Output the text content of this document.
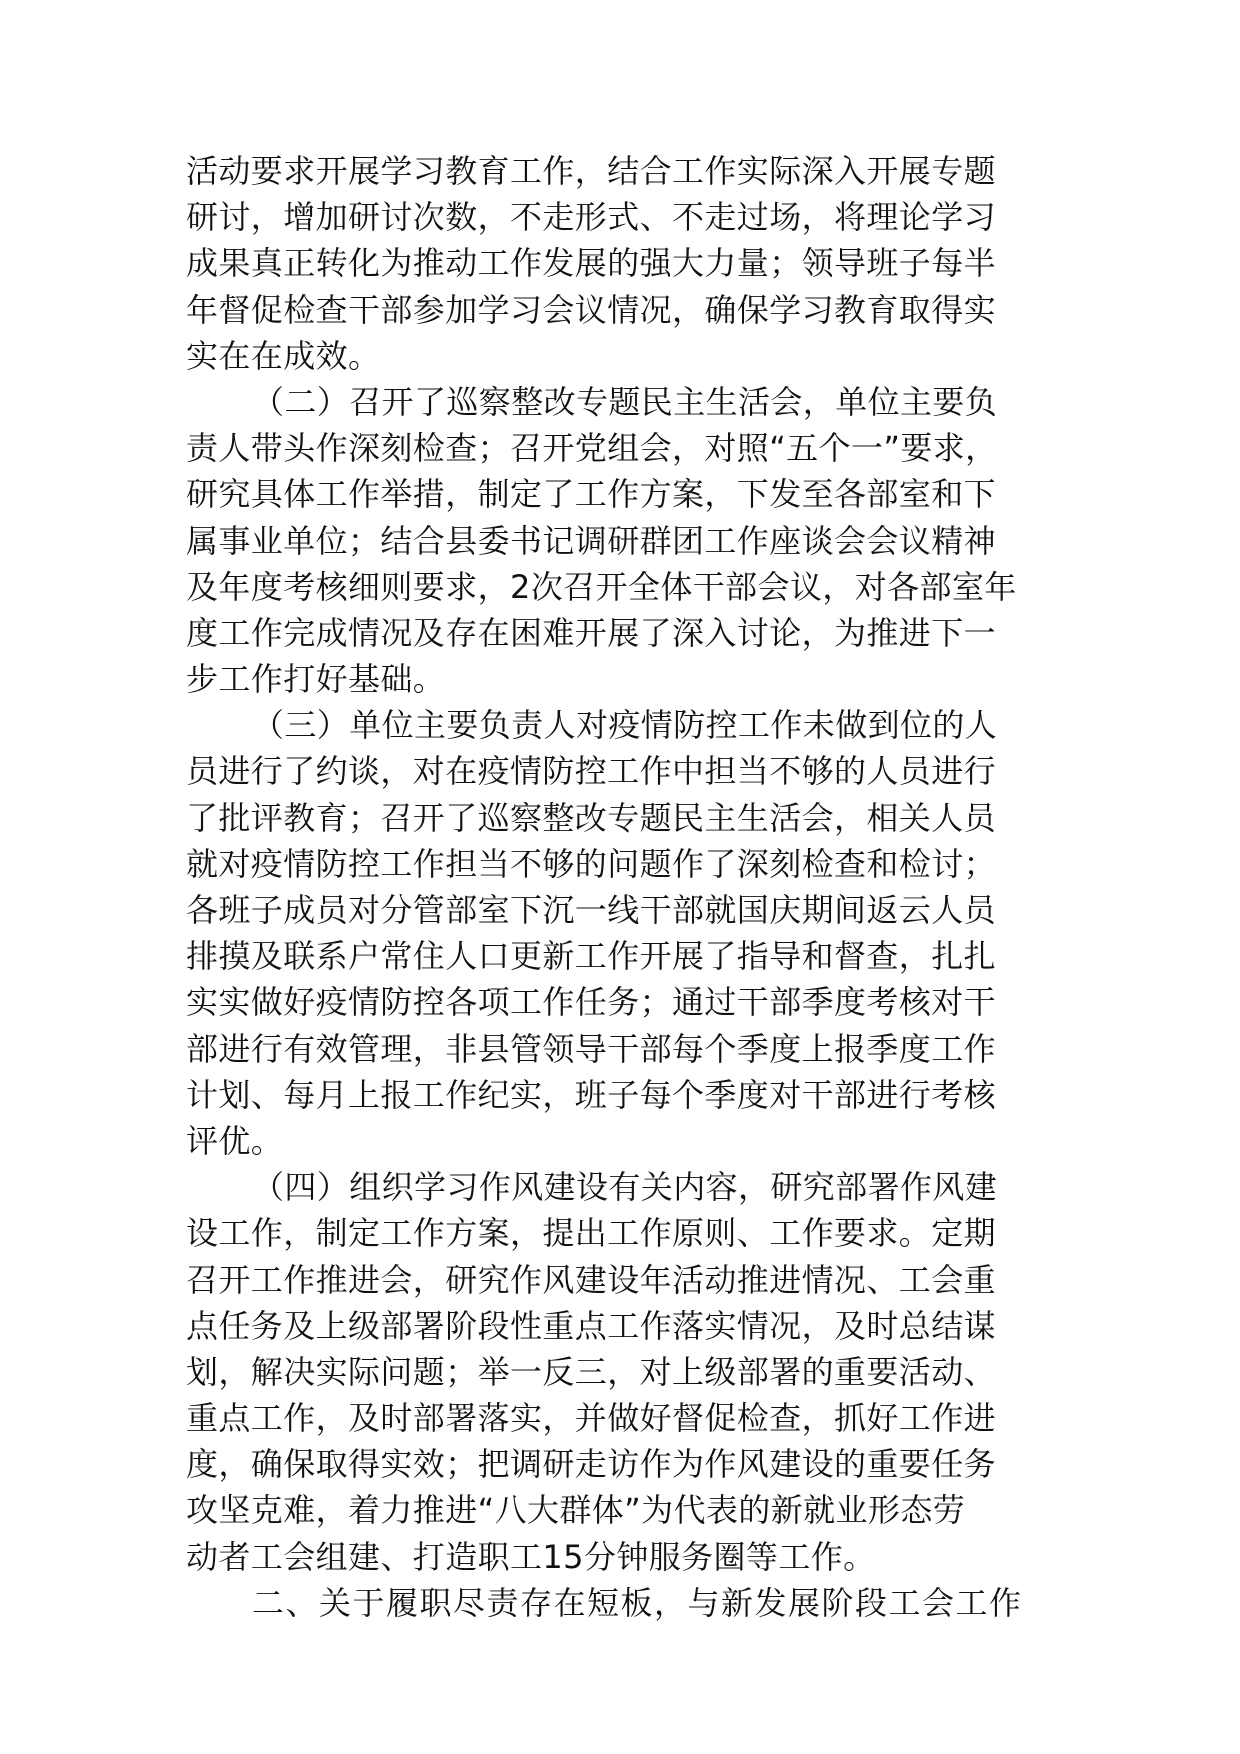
活动要求开展学习教育工作，结合工作实际深入开展专题
研讨，增加研讨次数，不走形式、不走过场，将理论学习
成果真正转化为推动工作发展的强大力量；领导班子每半
年督促检查干部参加学习会议情况，确保学习教育取得实
实在在成效。
（二）召开了巡察整改专题民主生活会，单位主要负
责人带头作深刻检查；召开党组会，对照“五个一”要求，
研究具体工作举措，制定了工作方案，下发至各部室和下
属事业单位；结合县委书记调研群团工作座谈会会议精神
及年度考核细则要求，2次召开全体干部会议，对各部室年
度工作完成情况及存在困难开展了深入讨论，为推进下一
步工作打好基础。
（三）单位主要负责人对疫情防控工作未做到位的人
员进行了约谈，对在疫情防控工作中担当不够的人员进行
了批评教育；召开了巡察整改专题民主生活会，相关人员
就对疫情防控工作担当不够的问题作了深刻检查和检讨；
各班子成员对分管部室下沉一线干部就国庆期间返云人员
排摸及联系户常住人口更新工作开展了指导和督查，扎扎
实实做好疫情防控各项工作任务；通过干部季度考核对干
部进行有效管理，非县管领导干部每个季度上报季度工作
计划、每月上报工作纪实，班子每个季度对干部进行考核
评优。
（四）组织学习作风建设有关内容，研究部署作风建
设工作，制定工作方案，提出工作原则、工作要求。定期
召开工作推进会，研究作风建设年活动推进情况、工会重
点任务及上级部署阶段性重点工作落实情况，及时总结谋
划，解决实际问题；举一反三，对上级部署的重要活动、
重点工作，及时部署落实，并做好督促检查，抓好工作进
度，确保取得实效；把调研走访作为作风建设的重要任务
攻坚克难，着力推进“八大群体”为代表的新就业形态劳
动者工会组建、打造职工15分钟服务圈等工作。
二、关于履职尽责存在短板，与新发展阶段工会工作
